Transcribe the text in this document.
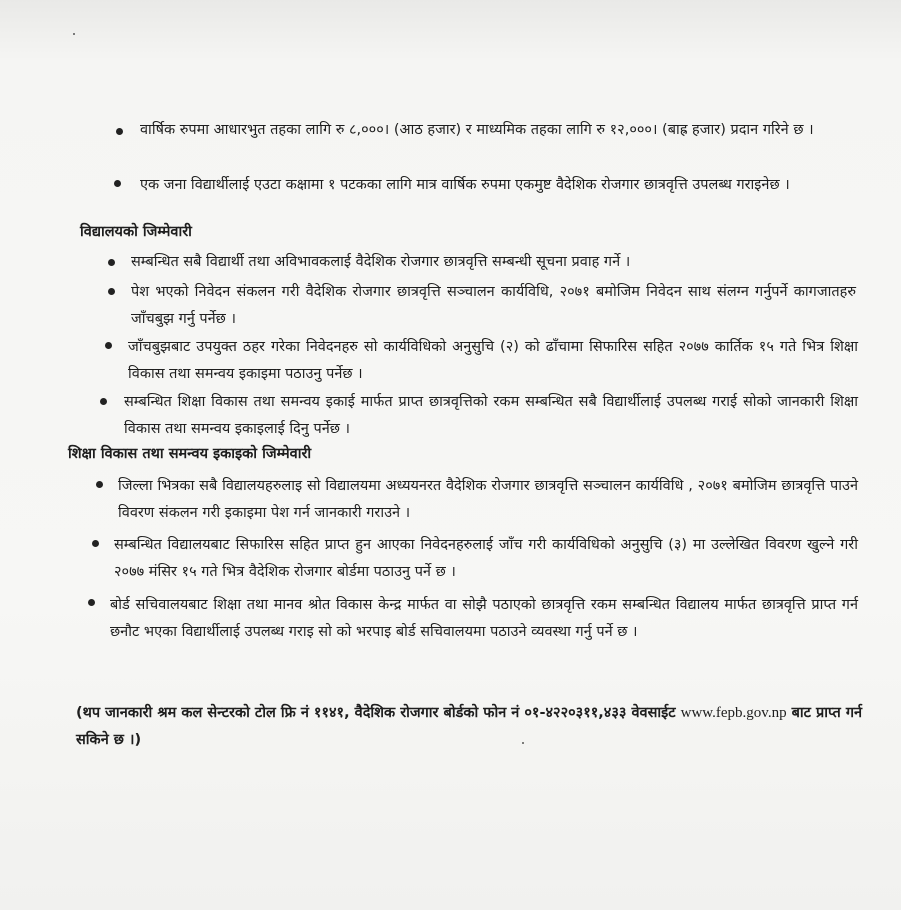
वार्षिक रुपमा आधारभुत तहका लागि रु ८,०००। (आठ हजार) र माध्यमिक तहका लागि रु १२,०००। (बाह्र हजार) प्रदान गरिने छ ।
एक जना विद्यार्थीलाई एउटा कक्षामा १ पटकका लागि मात्र वार्षिक रुपमा एकमुष्ट वैदेशिक रोजगार छात्रवृत्ति उपलब्ध गराइनेछ ।
विद्यालयको जिम्मेवारी
सम्बन्धित सबै विद्यार्थी तथा अविभावकलाई वैदेशिक रोजगार छात्रवृत्ति सम्बन्धी सूचना प्रवाह गर्ने ।
पेश भएको निवेदन संकलन गरी वैदेशिक रोजगार छात्रवृत्ति सञ्चालन कार्यविधि, २०७१ बमोजिम निवेदन साथ संलग्न गर्नुपर्ने कागजातहरु जाँचबुझ गर्नु पर्नेछ ।
जाँचबुझबाट उपयुक्त ठहर गरेका निवेदनहरु सो कार्यविधिको अनुसुचि (२) को ढाँचामा सिफारिस सहित २०७७ कार्तिक १५ गते भित्र शिक्षा विकास तथा समन्वय इकाइमा पठाउनु पर्नेछ ।
सम्बन्धित शिक्षा विकास तथा समन्वय इकाई मार्फत प्राप्त छात्रवृत्तिको रकम सम्बन्धित सबै विद्यार्थीलाई उपलब्ध गराई सोको जानकारी शिक्षा विकास तथा समन्वय इकाइलाई दिनु पर्नेछ ।
शिक्षा विकास तथा समन्वय इकाइको जिम्मेवारी
जिल्ला भित्रका सबै विद्यालयहरुलाइ सो विद्यालयमा अध्ययनरत वैदेशिक रोजगार छात्रवृत्ति सञ्चालन कार्यविधि , २०७१ बमोजिम छात्रवृत्ति पाउने विवरण संकलन गरी इकाइमा पेश गर्न जानकारी गराउने ।
सम्बन्धित विद्यालयबाट सिफारिस सहित प्राप्त हुन आएका निवेदनहरुलाई जाँच गरी कार्यविधिको अनुसुचि (३) मा उल्लेखित विवरण खुल्ने गरी २०७७ मंसिर १५ गते भित्र वैदेशिक रोजगार बोर्डमा पठाउनु पर्ने छ ।
बोर्ड सचिवालयबाट शिक्षा तथा मानव श्रोत विकास केन्द्र मार्फत वा सोझै पठाएको छात्रवृत्ति रकम सम्बन्धित विद्यालय मार्फत छात्रवृत्ति प्राप्त गर्न छनौट भएका विद्यार्थीलाई उपलब्ध गराइ सो को भरपाइ बोर्ड सचिवालयमा पठाउने व्यवस्था गर्नु पर्ने छ ।
(थप जानकारी श्रम कल सेन्टरको टोल फ्रि नं ११४१, वैदेशिक रोजगार बोर्डको फोन नं ०१-४२२०३११,४३३ वेवसाईट www.fepb.gov.np बाट प्राप्त गर्न सकिने छ ।)
